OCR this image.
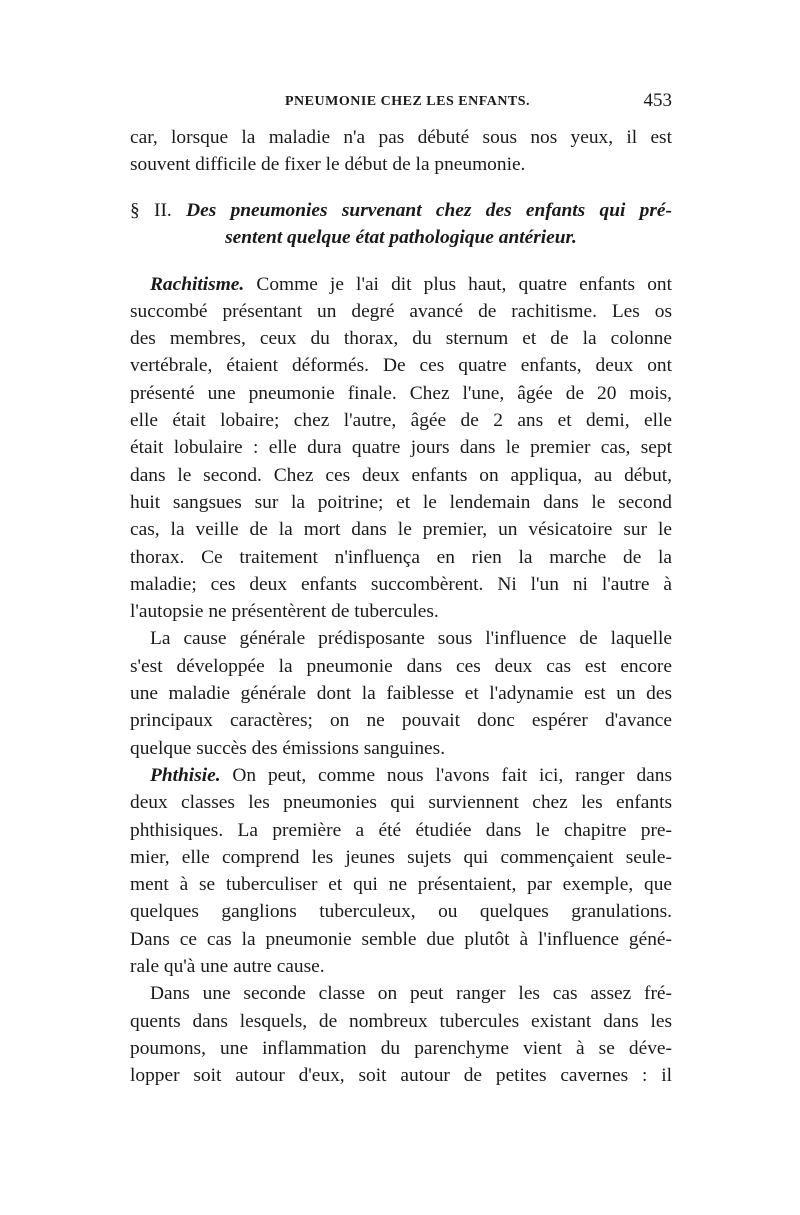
PNEUMONIE CHEZ LES ENFANTS.	453
car, lorsque la maladie n'a pas débuté sous nos yeux, il est
souvent difficile de fixer le début de la pneumonie.
§ II. Des pneumonies survenant chez des enfants qui pré-
sentent quelque état pathologique antérieur.
Rachitisme. Comme je l'ai dit plus haut, quatre enfants ont
succombé présentant un degré avancé de rachitisme. Les os
des membres, ceux du thorax, du sternum et de la colonne
vertébrale, étaient déformés. De ces quatre enfants, deux ont
présenté une pneumonie finale. Chez l'une, âgée de 20 mois,
elle était lobaire; chez l'autre, âgée de 2 ans et demi, elle
était lobulaire : elle dura quatre jours dans le premier cas, sept
dans le second. Chez ces deux enfants on appliqua, au début,
huit sangsues sur la poitrine; et le lendemain dans le second
cas, la veille de la mort dans le premier, un vésicatoire sur le
thorax. Ce traitement n'influença en rien la marche de la
maladie; ces deux enfants succombèrent. Ni l'un ni l'autre à
l'autopsie ne présentèrent de tubercules.
La cause générale prédisposante sous l'influence de laquelle
s'est développée la pneumonie dans ces deux cas est encore
une maladie générale dont la faiblesse et l'adynamie est un des
principaux caractères; on ne pouvait donc espérer d'avance
quelque succès des émissions sanguines.
Phthisie. On peut, comme nous l'avons fait ici, ranger dans
deux classes les pneumonies qui surviennent chez les enfants
phthisiques. La première a été étudiée dans le chapitre pre-
mier, elle comprend les jeunes sujets qui commençaient seule-
ment à se tuberculiser et qui ne présentaient, par exemple, que
quelques ganglions tuberculeux, ou quelques granulations.
Dans ce cas la pneumonie semble due plutôt à l'influence géné-
rale qu'à une autre cause.
Dans une seconde classe on peut ranger les cas assez fré-
quents dans lesquels, de nombreux tubercules existant dans les
poumons, une inflammation du parenchyme vient à se déve-
lopper soit autour d'eux, soit autour de petites cavernes : il
